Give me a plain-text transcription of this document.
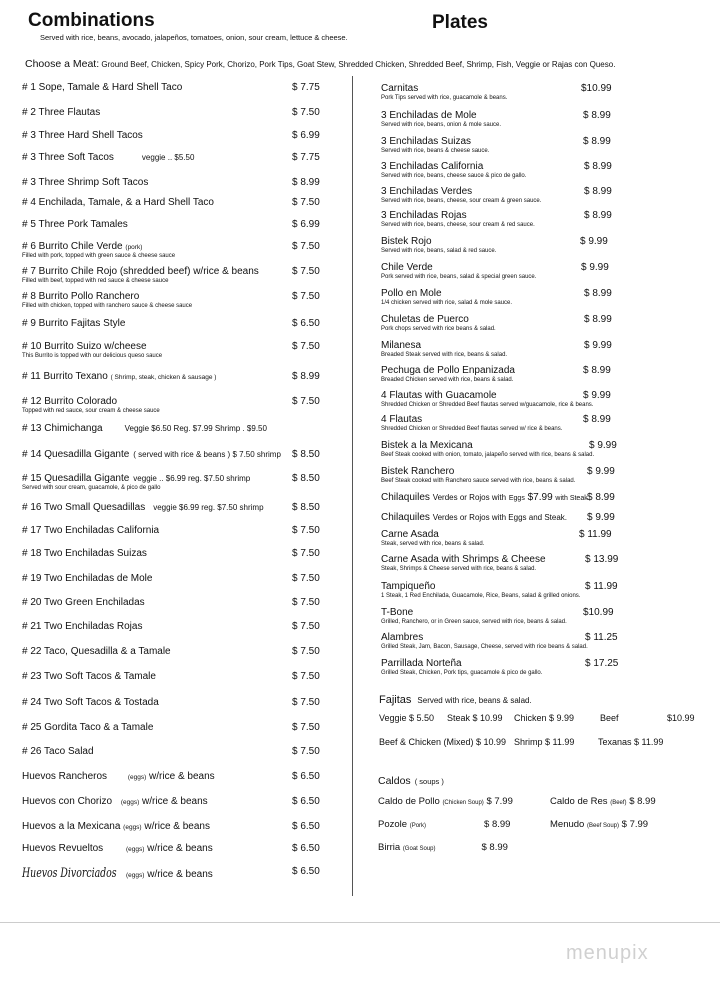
Combinations
Served with rice, beans, avocado, jalapeños, tomatoes, onion, sour cream, lettuce & cheese.
Plates
Choose a Meat: Ground Beef, Chicken, Spicy Pork, Chorizo, Pork Tips, Goat Stew, Shredded Chicken, Shredded Beef, Shrimp, Fish, Veggie or Rajas con Queso.
# 1 Sope, Tamale & Hard Shell Taco	$ 7.75
# 2 Three Flautas	$ 7.50
# 3 Three Hard Shell Tacos	$ 6.99
# 3 Three Soft Tacos	veggie .. $5.50	$ 7.75
# 3 Three Shrimp Soft Tacos	$ 8.99
# 4 Enchilada, Tamale, & a Hard Shell Taco	$ 7.50
# 5 Three Pork Tamales	$ 6.99
# 6 Burrito Chile Verde (pork)
Filled with pork, topped with green sauce & cheese sauce
$ 7.50
# 7 Burrito Chile Rojo (shredded beef) w/rice & beans
Filled with beef, topped with red sauce & cheese sauce
$ 7.50
# 8 Burrito Pollo Ranchero
Filled with chicken, topped with ranchero sauce & cheese sauce
$ 7.50
# 9 Burrito Fajitas Style	$ 6.50
# 10 Burrito Suizo w/cheese
This Burrito is topped with our delicious queso sauce
$ 7.50
# 11 Burrito Texano ( Shrimp, steak, chicken & sausage )	$ 8.99
# 12 Burrito Colorado
Topped with red sauce, sour cream & cheese sauce
$ 7.50
# 13 Chimichanga	Veggie $6.50 Reg. $7.99 Shrimp . $9.50
# 14 Quesadilla Gigante ( served with rice & beans ) $ 7.50 shrimp $ 8.50
# 15 Quesadilla Gigante veggie .. $6.99 reg. $7.50 shrimp
Served with sour cream, guacamole, & pico de gallo
$ 8.50
# 16 Two Small Quesadillas veggie $6.99 reg. $7.50 shrimp	$ 8.50
# 17 Two Enchiladas California	$ 7.50
# 18 Two Enchiladas Suizas	$ 7.50
# 19 Two Enchiladas de Mole	$ 7.50
# 20 Two Green Enchiladas	$ 7.50
# 21 Two Enchiladas Rojas	$ 7.50
# 22 Taco, Quesadilla & a Tamale	$ 7.50
# 23 Two Soft Tacos & Tamale	$ 7.50
# 24 Two Soft Tacos & Tostada	$ 7.50
# 25 Gordita Taco & a Tamale	$ 7.50
# 26 Taco Salad	$ 7.50
Huevos Rancheros	(eggs) w/rice & beans	$ 6.50
Huevos con Chorizo (eggs) w/rice & beans	$ 6.50
Huevos a la Mexicana (eggs) w/rice & beans	$ 6.50
Huevos Revueltos	(eggs) w/rice & beans	$ 6.50
Huevos Divorciados (eggs) w/rice & beans	$ 6.50
Carnitas
Pork Tips served with rice, guacamole & beans.
$10.99
3 Enchiladas de Mole
Served with rice, beans, onion & mole sauce.
$ 8.99
3 Enchiladas Suizas
Served with rice, beans & cheese sauce.
$ 8.99
3 Enchiladas California
Served with rice, beans, cheese sauce & pico de gallo.
$ 8.99
3 Enchiladas Verdes
Served with rice, beans, cheese, sour cream & green sauce.
$ 8.99
3 Enchiladas Rojas
Served with rice, beans, cheese, sour cream & red sauce.
$ 8.99
Bistek Rojo
Served with rice, beans, salad & red sauce.
$ 9.99
Chile Verde
Pork served with rice, beans, salad & special green sauce.
$ 9.99
Pollo en Mole
1/4 chicken served with rice, salad & mole sauce.
$ 8.99
Chuletas de Puerco
Pork chops served with rice beans & salad.
$ 8.99
Milanesa
Breaded Steak served with rice, beans & salad.
$ 9.99
Pechuga de Pollo Enpanizada
Breaded Chicken served with rice, beans & salad.
$ 8.99
4 Flautas with Guacamole
Shredded Chicken or Shredded Beef flautas served w/guacamole, rice & beans.
$ 9.99
4 Flautas
Shredded Chicken or Shredded Beef flautas served w/ rice & beans.
$ 8.99
Bistek a la Mexicana
Beef Steak cooked with onion, tomato, jalapeño served with rice, beans & salad.
$ 9.99
Bistek Ranchero
Beef Steak cooked with Ranchero sauce served with rice, beans & salad.
$ 9.99
Chilaquiles Verdes or Rojos with Eggs $7.99 with Steak $ 8.99
Chilaquiles Verdes or Rojos with Eggs and Steak. $ 9.99
Carne Asada
Steak, served with rice, beans & salad.
$ 11.99
Carne Asada with Shrimps & Cheese
Steak, Shrimps & Cheese served with rice, beans & salad.
$ 13.99
Tampiqueño
1 Steak, 1 Red Enchilada, Guacamole, Rice, Beans, salad & grilled onions.
$ 11.99
T-Bone
Grilled, Ranchero, or in Green sauce, served with rice, beans & salad.
$10.99
Alambres
Grilled Steak, Jam, Bacon, Sausage, Cheese, served with rice beans & salad.
$ 11.25
Parrillada Norteña
Grilled Steak, Chicken, Pork tips, guacamole & pico de gallo.
$ 17.25
Fajitas Served with rice, beans & salad.
Veggie $ 5.50 Steak $ 10.99 Chicken $ 9.99	Beef	$10.99
Beef & Chicken (Mixed) $ 10.99 Shrimp $ 11.99	Texanas $ 11.99
Caldos ( soups )
Caldo de Pollo (Chicken Soup) $ 7.99	Caldo de Res (Beef) $ 8.99
Pozole (Pork)	$ 8.99	Menudo (Beef Soup) $ 7.99
Birria (Goat Soup)	$ 8.99
menupix
